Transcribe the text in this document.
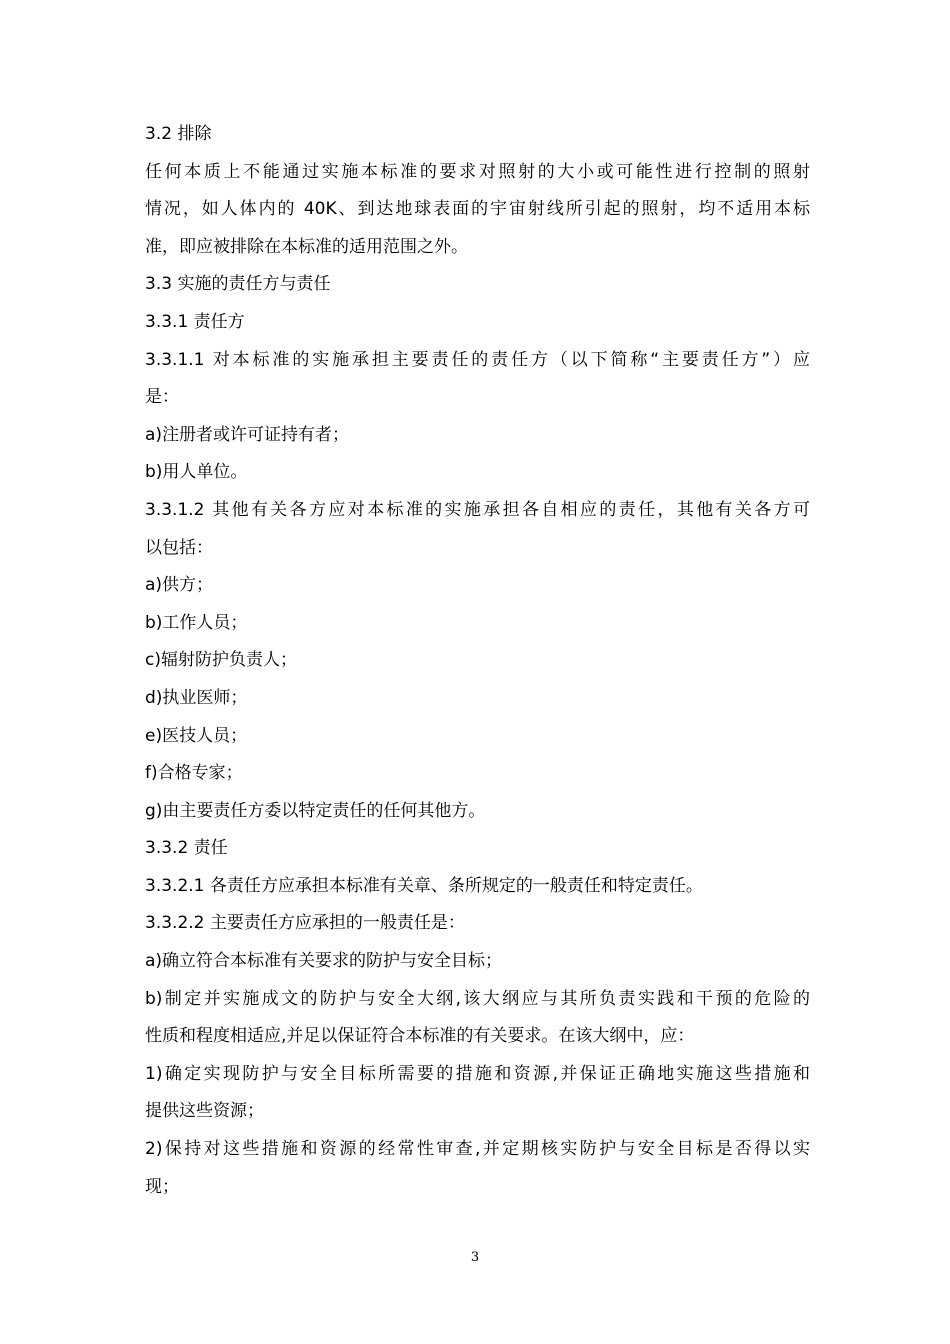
3.2 排除
任何本质上不能通过实施本标准的要求对照射的大小或可能性进行控制的照射
情况，如人体内的 40K、到达地球表面的宇宙射线所引起的照射，均不适用本标
准，即应被排除在本标准的适用范围之外。
3.3 实施的责任方与责任
3.3.1 责任方
3.3.1.1 对本标准的实施承担主要责任的责任方（以下简称“主要责任方”）应
是：
a)注册者或许可证持有者；
b)用人单位。
3.3.1.2 其他有关各方应对本标准的实施承担各自相应的责任，其他有关各方可
以包括：
a)供方；
b)工作人员；
c)辐射防护负责人；
d)执业医师；
e)医技人员；
f)合格专家；
g)由主要责任方委以特定责任的任何其他方。
3.3.2 责任
3.3.2.1 各责任方应承担本标准有关章、条所规定的一般责任和特定责任。
3.3.2.2 主要责任方应承担的一般责任是：
a)确立符合本标准有关要求的防护与安全目标；
b)制定并实施成文的防护与安全大纲,该大纲应与其所负责实践和干预的危险的
性质和程度相适应,并足以保证符合本标准的有关要求。在该大纲中，应：
1)确定实现防护与安全目标所需要的措施和资源,并保证正确地实施这些措施和
提供这些资源；
2)保持对这些措施和资源的经常性审查,并定期核实防护与安全目标是否得以实
现；
3
